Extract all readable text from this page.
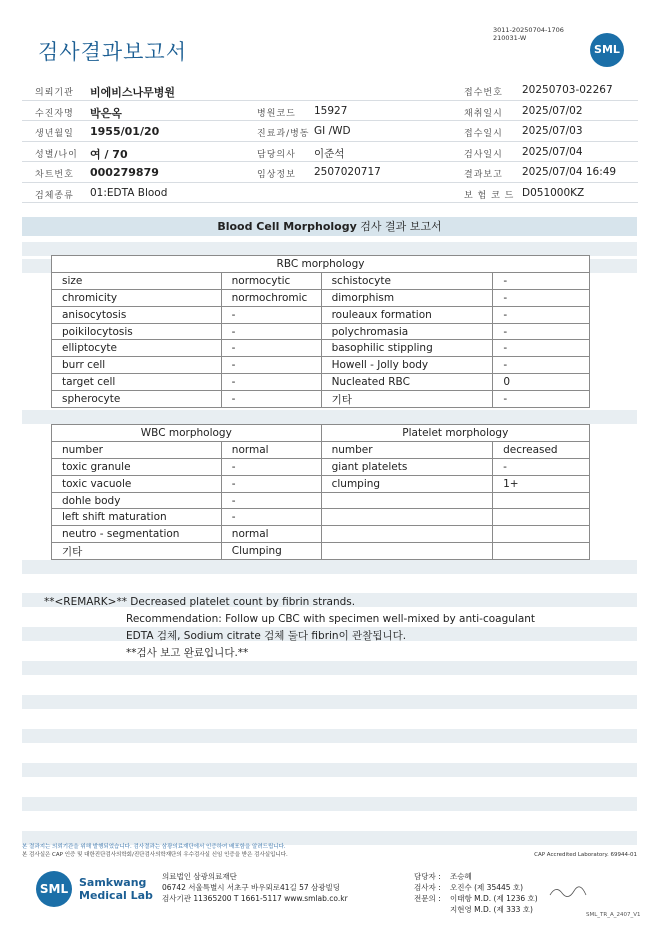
검사결과보고서
3011-20250704-1706
210031-W
SML
의뢰기관 비에비스나무병원	접수번호 20250703-02267
수진자명 박은옥	병원코드 15927	채취일시 2025/07/02
생년월일 1955/01/20	진료과/병동 GI /WD	접수일시 2025/07/03
성별/나이 여 / 70	담당의사 이준석	검사일시 2025/07/04
차트번호 000279879	임상정보 2507020717	결과보고 2025/07/04 16:49
검체종류 01:EDTA Blood	보 험 코 드 D051000KZ
Blood Cell Morphology 검사 결과 보고서
RBC morphology			
size	normocytic	schistocyte	-
chromicity	normochromic	dimorphism	-
anisocytosis	-	rouleaux formation	-
poikilocytosis	-	polychromasia	-
elliptocyte	-	basophilic stippling	-
burr cell	-	Howell - Jolly body	-
target cell	-	Nucleated RBC	0
spherocyte	-	기타	-
WBC morphology		Platelet morphology	
number	normal	number	decreased
toxic granule	-	giant platelets	-
toxic vacuole	-	clumping	1+
dohle body	-		
left shift maturation	-		
neutro - segmentation	normal		
기타	Clumping		
**<REMARK>** Decreased platelet count by fibrin strands.
Recommendation: Follow up CBC with specimen well-mixed by anti-coagulant
EDTA 검체, Sodium citrate 검체 둘다 fibrin이 관찰됩니다.
**검사 보고 완료입니다.**
본 결과지는 의뢰기관을 위해 발행되었습니다. 검사결과는 삼광의료재단에서 인증하여 배포함을 알려드립니다.
본 검사실은 CAP 인증 및 대한진단검사의학회/진단검사의학재단의 우수검사실 신임 인증을 받은 검사실입니다.	CAP Accredited Laboratory. 69944-01
SML Samkwang
Medical Lab
의료법인 삼광의료재단
06742 서울특별시 서초구 바우뫼로41길 57 삼광빌딩
검사기관 11365200 T 1661-5117 www.smlab.co.kr
담당자 : 조승혜
검사자 : 오진수 (제 35445 호)
전문의 : 이태항 M.D. (제 1236 호)
지현영 M.D. (제 333 호)
SML_TR_A_2407_V1
